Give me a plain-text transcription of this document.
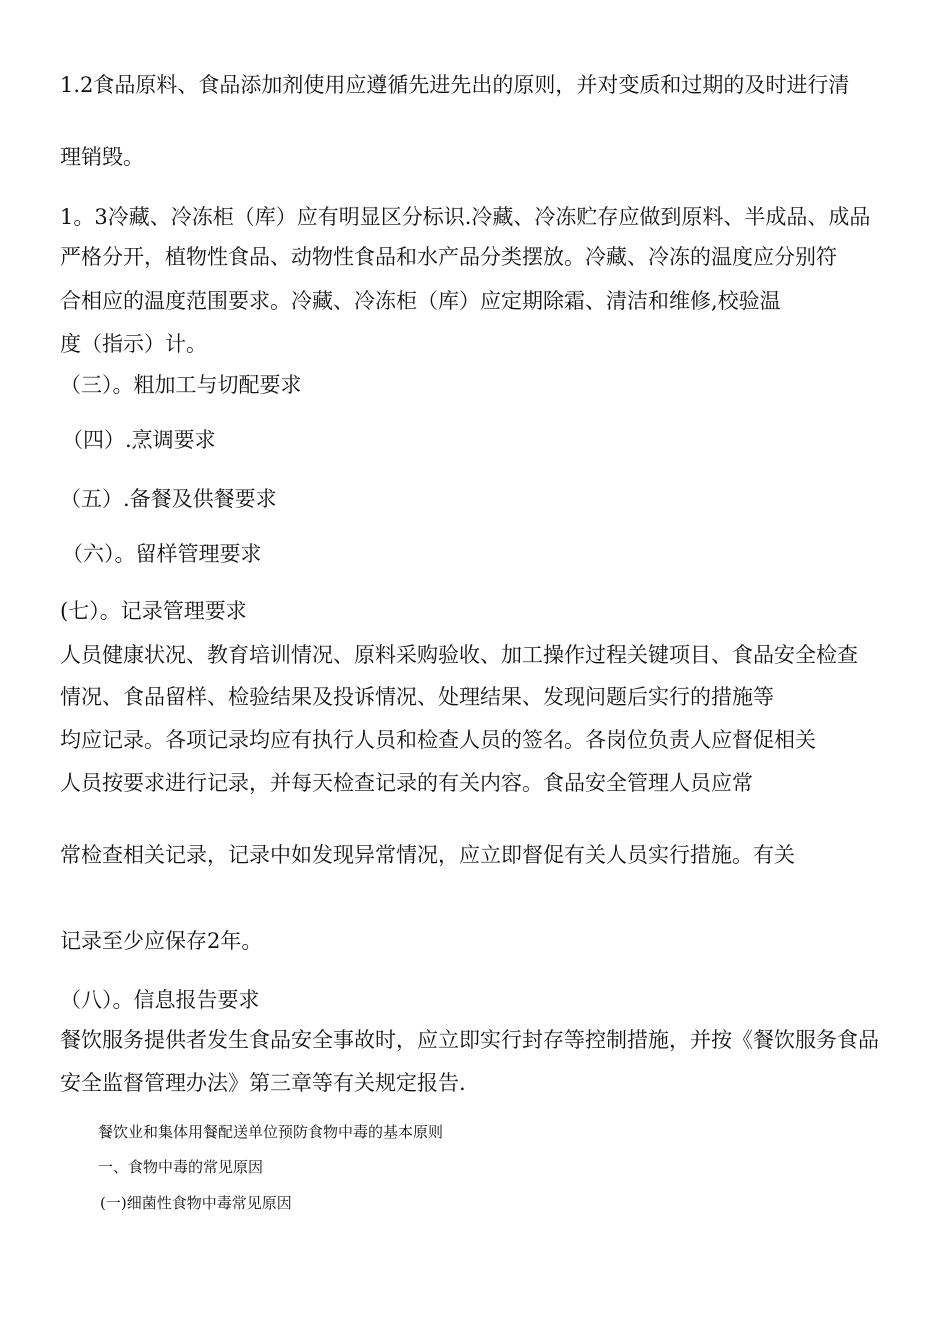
1.2食品原料、食品添加剂使用应遵循先进先出的原则，并对变质和过期的及时进行清
理销毁。
1。3冷藏、冷冻柜（库）应有明显区分标识.冷藏、冷冻贮存应做到原料、半成品、成品
严格分开，植物性食品、动物性食品和水产品分类摆放。冷藏、冷冻的温度应分别符
合相应的温度范围要求。冷藏、冷冻柜（库）应定期除霜、清洁和维修,校验温
度（指示）计。
（三）。粗加工与切配要求
（四）.烹调要求
（五）.备餐及供餐要求
（六）。留样管理要求
(七）。记录管理要求
人员健康状况、教育培训情况、原料采购验收、加工操作过程关键项目、食品安全检查
情况、食品留样、检验结果及投诉情况、处理结果、发现问题后实行的措施等
均应记录。各项记录均应有执行人员和检查人员的签名。各岗位负责人应督促相关
人员按要求进行记录，并每天检查记录的有关内容。食品安全管理人员应常
常检查相关记录，记录中如发现异常情况，应立即督促有关人员实行措施。有关
记录至少应保存2年。
（八）。信息报告要求
餐饮服务提供者发生食品安全事故时，应立即实行封存等控制措施，并按《餐饮服务食品
安全监督管理办法》第三章等有关规定报告.
餐饮业和集体用餐配送单位预防食物中毒的基本原则
一、食物中毒的常见原因
(一)细菌性食物中毒常见原因
